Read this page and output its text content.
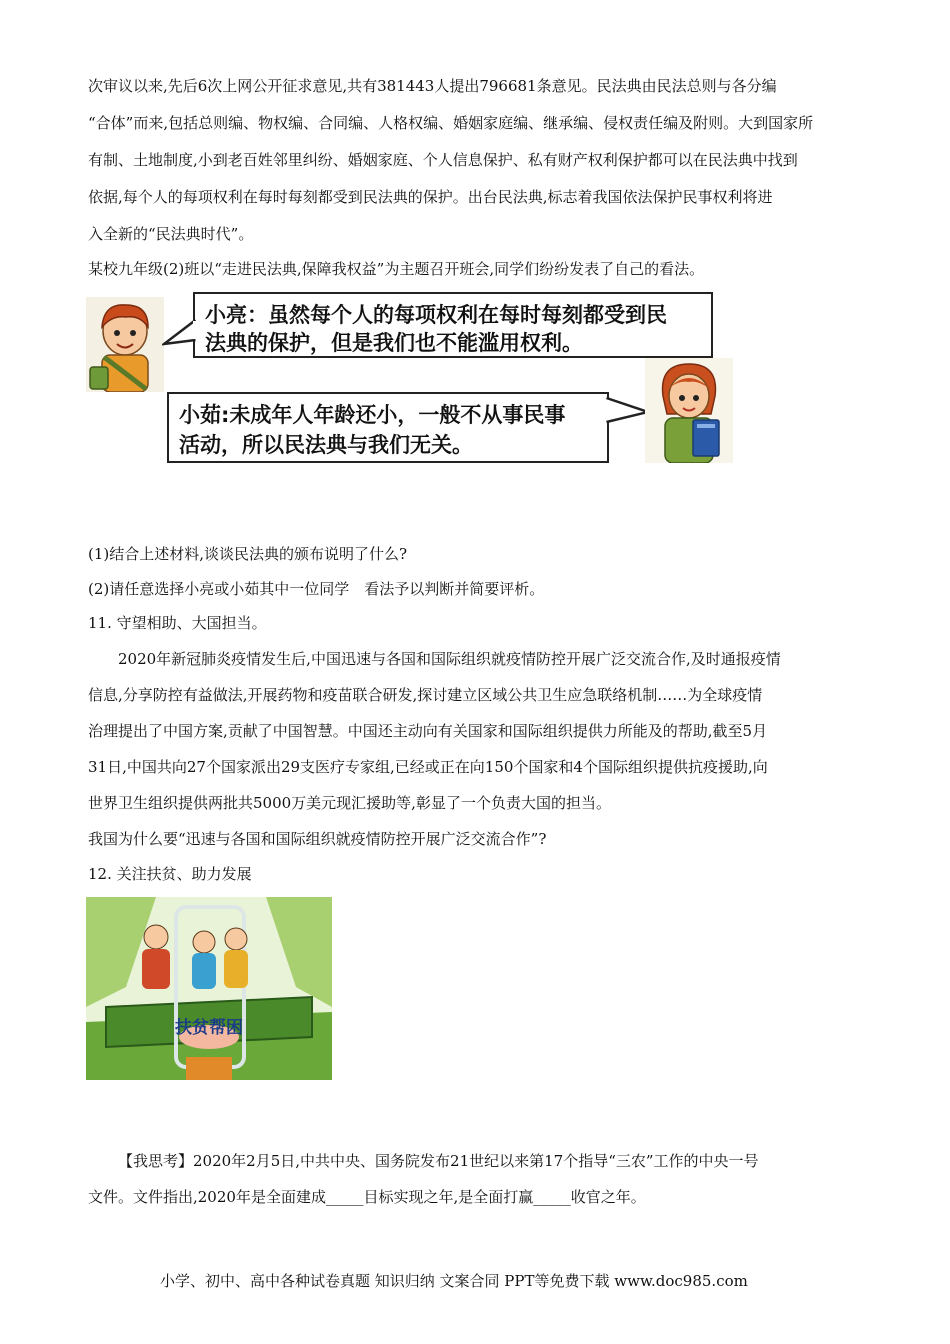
次审议以来,先后6次上网公开征求意见,共有381443人提出796681条意见。民法典由民法总则与各分编
“合体”而来,包括总则编、物权编、合同编、人格权编、婚姻家庭编、继承编、侵权责任编及附则。大到国家所
有制、土地制度,小到老百姓邻里纠纷、婚姻家庭、个人信息保护、私有财产权利保护都可以在民法典中找到
依据,每个人的每项权利在每时每刻都受到民法典的保护。出台民法典,标志着我国依法保护民事权利将进
入全新的“民法典时代”。
某校九年级(2)班以“走进民法典,保障我权益”为主题召开班会,同学们纷纷发表了自己的看法。

小亮：虽然每个人的每项权利在每时每刻都受到民

法典的保护，但是我们也不能滥用权利。

小茹:未成年人年龄还小，一般不从事民事

活动，所以民法典与我们无关。

(1)结合上述材料,谈谈民法典的颁布说明了什么?
(2)请任意选择小亮或小茹其中一位同学　看法予以判断并简要评析。
11. 守望相助、大国担当。
2020年新冠肺炎疫情发生后,中国迅速与各国和国际组织就疫情防控开展广泛交流合作,及时通报疫情
信息,分享防控有益做法,开展药物和疫苗联合研发,探讨建立区域公共卫生应急联络机制……为全球疫情
治理提出了中国方案,贡献了中国智慧。中国还主动向有关国家和国际组织提供力所能及的帮助,截至5月
31日,中国共向27个国家派出29支医疗专家组,已经或正在向150个国家和4个国际组织提供抗疫援助,向
世界卫生组织提供两批共5000万美元现汇援助等,彰显了一个负责大国的担当。
我国为什么要“迅速与各国和国际组织就疫情防控开展广泛交流合作”?
12. 关注扶贫、助力发展
扶贫帮困
【我思考】2020年2月5日,中共中央、国务院发布21世纪以来第17个指导“三农”工作的中央一号
文件。文件指出,2020年是全面建成_____目标实现之年,是全面打赢_____收官之年。
小学、初中、高中各种试卷真题 知识归纳 文案合同 PPT等免费下载 www.doc985.com
